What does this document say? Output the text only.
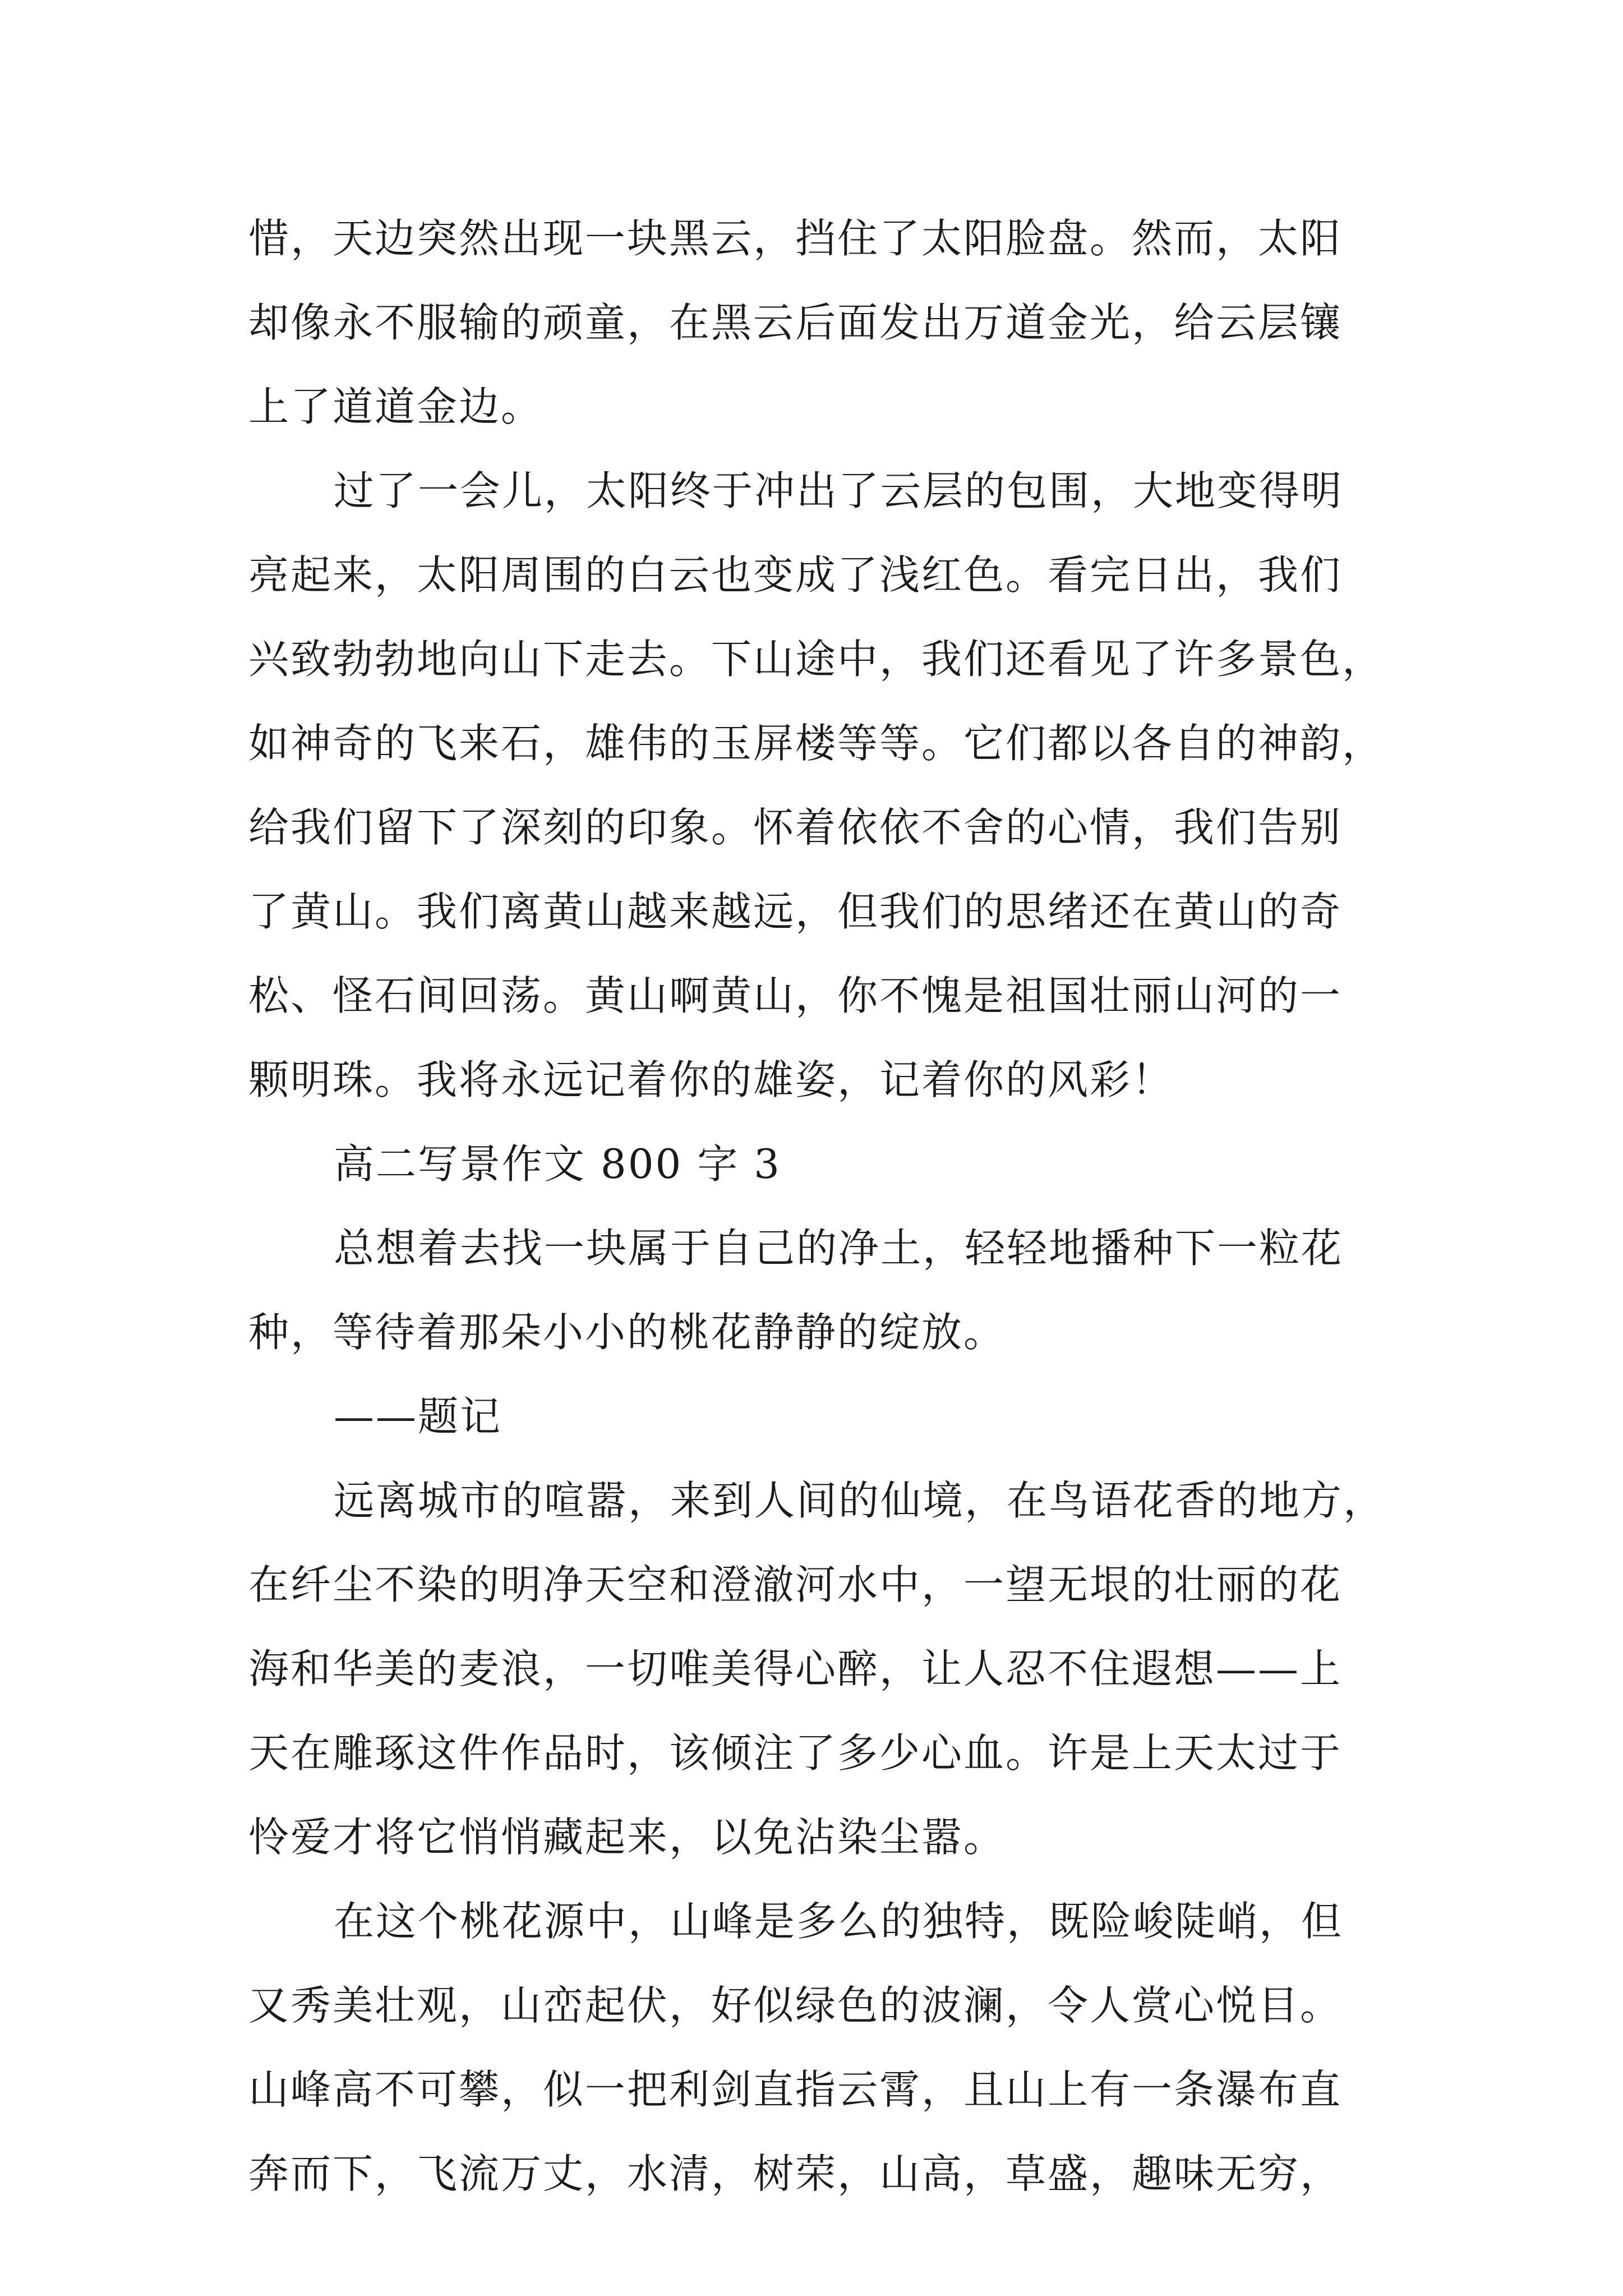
惜，天边突然出现一块黑云，挡住了太阳脸盘。然而，太阳
却像永不服输的顽童，在黑云后面发出万道金光，给云层镶
上了道道金边。
过了一会儿，太阳终于冲出了云层的包围，大地变得明
亮起来，太阳周围的白云也变成了浅红色。看完日出，我们
兴致勃勃地向山下走去。下山途中，我们还看见了许多景色，
如神奇的飞来石，雄伟的玉屏楼等等。它们都以各自的神韵，
给我们留下了深刻的印象。怀着依依不舍的心情，我们告别
了黄山。我们离黄山越来越远，但我们的思绪还在黄山的奇
松、怪石间回荡。黄山啊黄山，你不愧是祖国壮丽山河的一
颗明珠。我将永远记着你的雄姿，记着你的风彩！
高二写景作文 800 字 3
总想着去找一块属于自己的净土，轻轻地播种下一粒花
种，等待着那朵小小的桃花静静的绽放。
——题记
远离城市的喧嚣，来到人间的仙境，在鸟语花香的地方，
在纤尘不染的明净天空和澄澈河水中，一望无垠的壮丽的花
海和华美的麦浪，一切唯美得心醉，让人忍不住遐想——上
天在雕琢这件作品时，该倾注了多少心血。许是上天太过于
怜爱才将它悄悄藏起来，以免沾染尘嚣。
在这个桃花源中，山峰是多么的独特，既险峻陡峭，但
又秀美壮观，山峦起伏，好似绿色的波澜，令人赏心悦目。
山峰高不可攀，似一把利剑直指云霄，且山上有一条瀑布直
奔而下，飞流万丈，水清，树荣，山高，草盛，趣味无穷，
